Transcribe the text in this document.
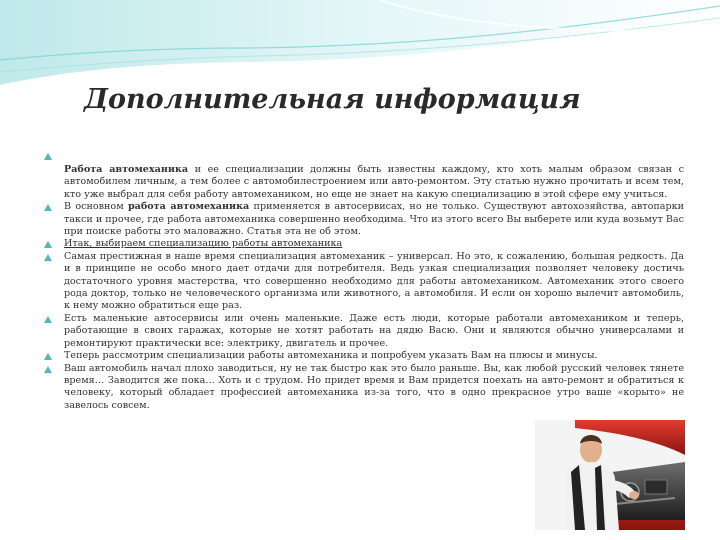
Дополнительная информация
Работа автомеханика и ее специализации должны быть известны каждому, кто хоть малым образом связан с автомобилем личным, а тем более с автомобилестроением или авто-ремонтом. Эту статью нужно прочитать и всем тем, кто уже выбрал для себя работу автомехаником, но еще не знает на какую специализацию в этой сфере ему учиться.
В основном работа автомеханика применяется в автосервисах, но не только. Существуют автохозяйства, автопарки такси и прочее, где работа автомеханика совершенно необходима. Что из этого всего Вы выберете или куда возьмут Вас при поиске работы это маловажно. Статья эта не об этом.
Итак, выбираем специализацию работы автомеханика
Самая престижная в наше время специализация автомеханик – универсал. Но это, к сожалению, большая редкость. Да и в принципе не особо много дает отдачи для потребителя. Ведь узкая специализация позволяет человеку достичь достаточного уровня мастерства, что совершенно необходимо для работы автомехаником. Автомеханик этого своего рода доктор, только не человеческого организма или животного, а автомобиля. И если он хорошо вылечит автомобиль, к нему можно обратиться еще раз.
Есть маленькие автосервисы или очень маленькие. Даже есть люди, которые работали автомехаником и теперь, работающие в своих гаражах, которые не хотят работать на дядю Васю. Они и являются обычно универсалами и ремонтируют практически все: электрику, двигатель и прочее.
Теперь рассмотрим специализации работы автомеханика и попробуем указать Вам на плюсы и минусы.
Ваш автомобиль начал плохо заводиться, ну не так быстро как это было раньше. Вы, как любой русский человек тянете время… Заводится же пока… Хоть и с трудом. Но придет время и Вам придется поехать на авто-ремонт и обратиться к человеку, который обладает профессией автомеханика из-за того, что в одно прекрасное утро ваше «корыто» не завелось совсем.
